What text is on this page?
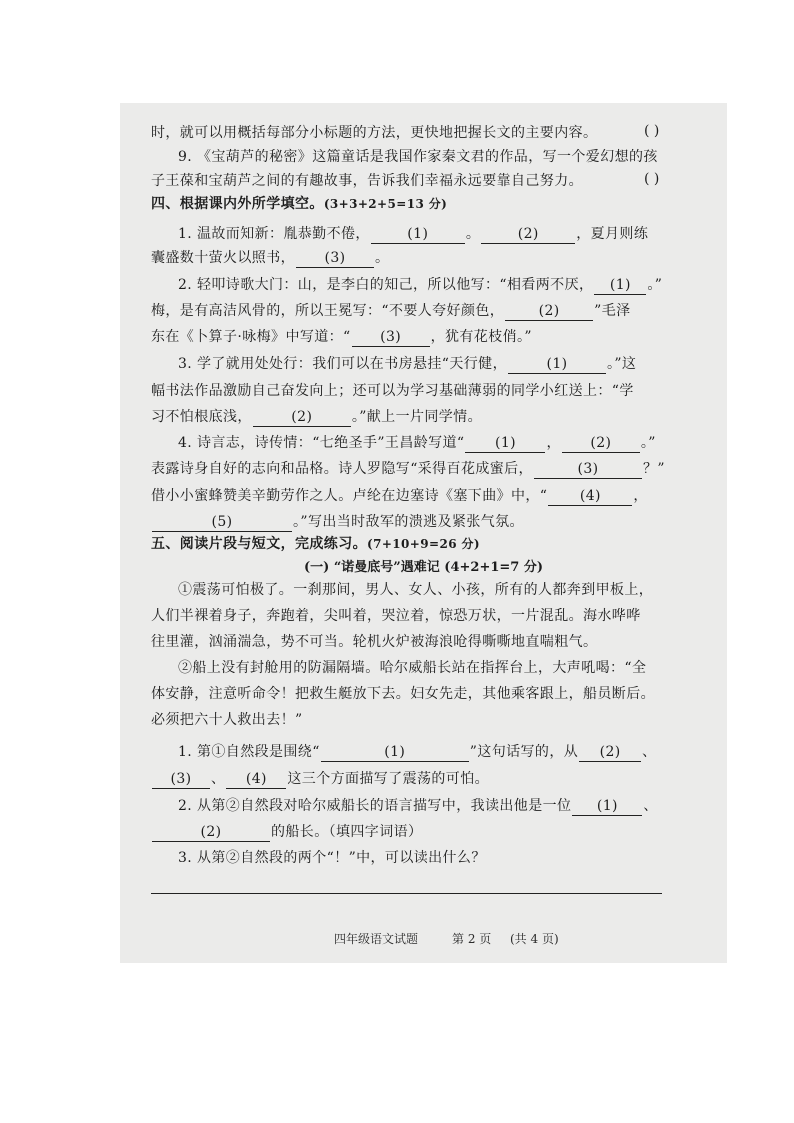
时，就可以用概括每部分小标题的方法，更快地把握长文的主要内容。	( )
9. 《宝葫芦的秘密》这篇童话是我国作家秦文君的作品，写一个爱幻想的孩
子王葆和宝葫芦之间的有趣故事，告诉我们幸福永远要靠自己努力。	( )
四、根据课内外所学填空。(3+3+2+5=13 分)
1. 温故而知新：胤恭勤不倦，	(1)	。	(2)	，夏月则练
囊盛数十萤火以照书， (3) 。
2. 轻叩诗歌大门：山，是李白的知己，所以他写：“相看两不厌， (1) 。”
梅，是有高洁风骨的，所以王冕写：“不要人夸好颜色， (2) ”毛泽
东在《卜算子·咏梅》中写道：“ (3) ，犹有花枝俏。”
3. 学了就用处处行：我们可以在书房悬挂“天行健，	(1)	。”这
幅书法作品激励自己奋发向上；还可以为学习基础薄弱的同学小红送上：“学
习不怕根底浅，	(2)	。”献上一片同学情。
4. 诗言志，诗传情：“七绝圣手”王昌龄写道“ (1) ， (2) 。”
表露诗身自好的志向和品格。诗人罗隐写“采得百花成蜜后，	(3)	？”
借小小蜜蜂赞美辛勤劳作之人。卢纶在边塞诗《塞下曲》中，“ (4) ，
(5)	。”写出当时敌军的溃逃及紧张气氛。
五、阅读片段与短文，完成练习。(7+10+9=26 分)
(一) “诺曼底号”遇难记 (4+2+1=7 分)
①震荡可怕极了。一刹那间，男人、女人、小孩，所有的人都奔到甲板上，
人们半裸着身子，奔跑着，尖叫着，哭泣着，惊恐万状，一片混乱。海水哗哗
往里灌，汹涌湍急，势不可当。轮机火炉被海浪呛得嘶嘶地直喘粗气。
②船上没有封舱用的防漏隔墙。哈尔威船长站在指挥台上，大声吼喝：“全
体安静，注意听命令！把救生艇放下去。妇女先走，其他乘客跟上，船员断后。
必须把六十人救出去！”
1. 第①自然段是围绕“	(1)	”这句话写的，从 (2) 、
(3) 、 (4) 这三个方面描写了震荡的可怕。
2. 从第②自然段对哈尔威船长的语言描写中，我读出他是一位 (1) 、
(2)	的船长。（填四字词语）
3. 从第②自然段的两个“！”中，可以读出什么？
四年级语文试题	第 2 页 (共 4 页)
